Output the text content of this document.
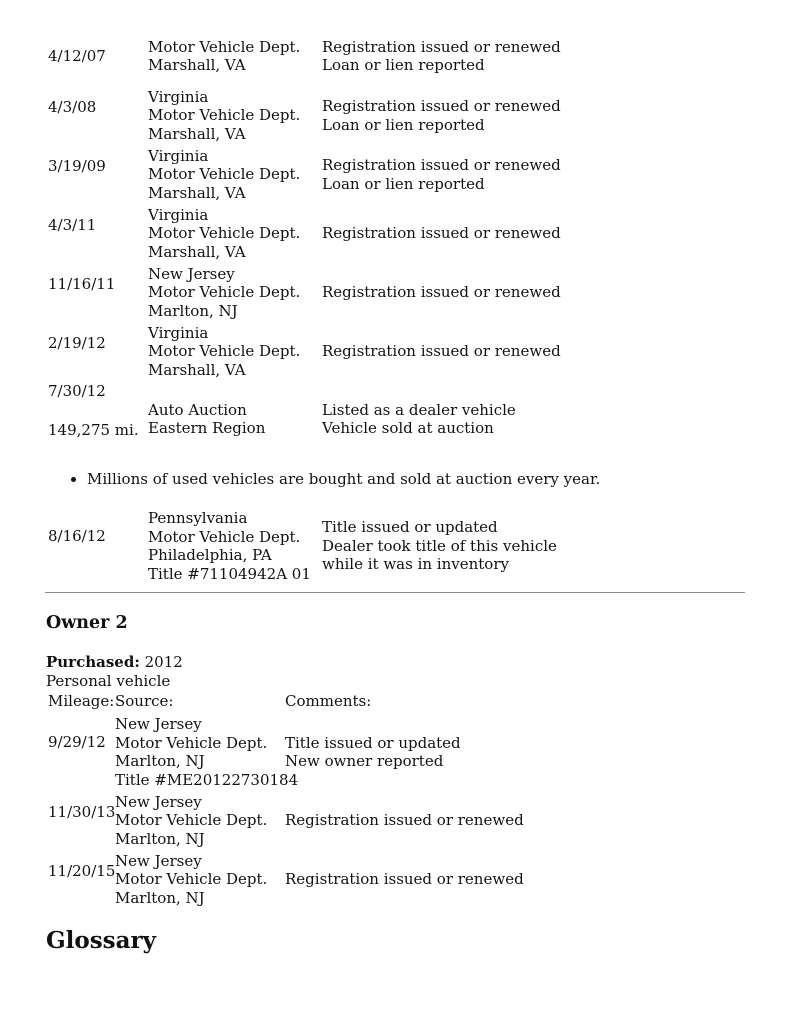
4/12/07
Motor Vehicle Dept.
Marshall, VA
Registration issued or renewed
Loan or lien reported
4/3/08
Virginia
Motor Vehicle Dept.
Marshall, VA
Registration issued or renewed
Loan or lien reported
3/19/09
Virginia
Motor Vehicle Dept.
Marshall, VA
Registration issued or renewed
Loan or lien reported
4/3/11
Virginia
Motor Vehicle Dept.
Marshall, VA
Registration issued or renewed
11/16/11
New Jersey
Motor Vehicle Dept.
Marlton, NJ
Registration issued or renewed
2/19/12
Virginia
Motor Vehicle Dept.
Marshall, VA
Registration issued or renewed
7/30/12
149,275 mi.
Auto Auction
Eastern Region
Listed as a dealer vehicle
Vehicle sold at auction
• Millions of used vehicles are bought and sold at auction every year.
8/16/12
Pennsylvania
Motor Vehicle Dept.
Philadelphia, PA
Title #71104942A 01
Title issued or updated
Dealer took title of this vehicle
while it was in inventory
Owner 2

Purchased: 2012

Personal vehicle

Mileage: Source:	Comments:

9/29/12
New Jersey
Motor Vehicle Dept.
Marlton, NJ
Title #ME20122730184
Title issued or updated
New owner reported
11/30/13
New Jersey
Motor Vehicle Dept.
Marlton, NJ
Registration issued or renewed
11/20/15
New Jersey
Motor Vehicle Dept.
Marlton, NJ
Registration issued or renewed
Glossary
